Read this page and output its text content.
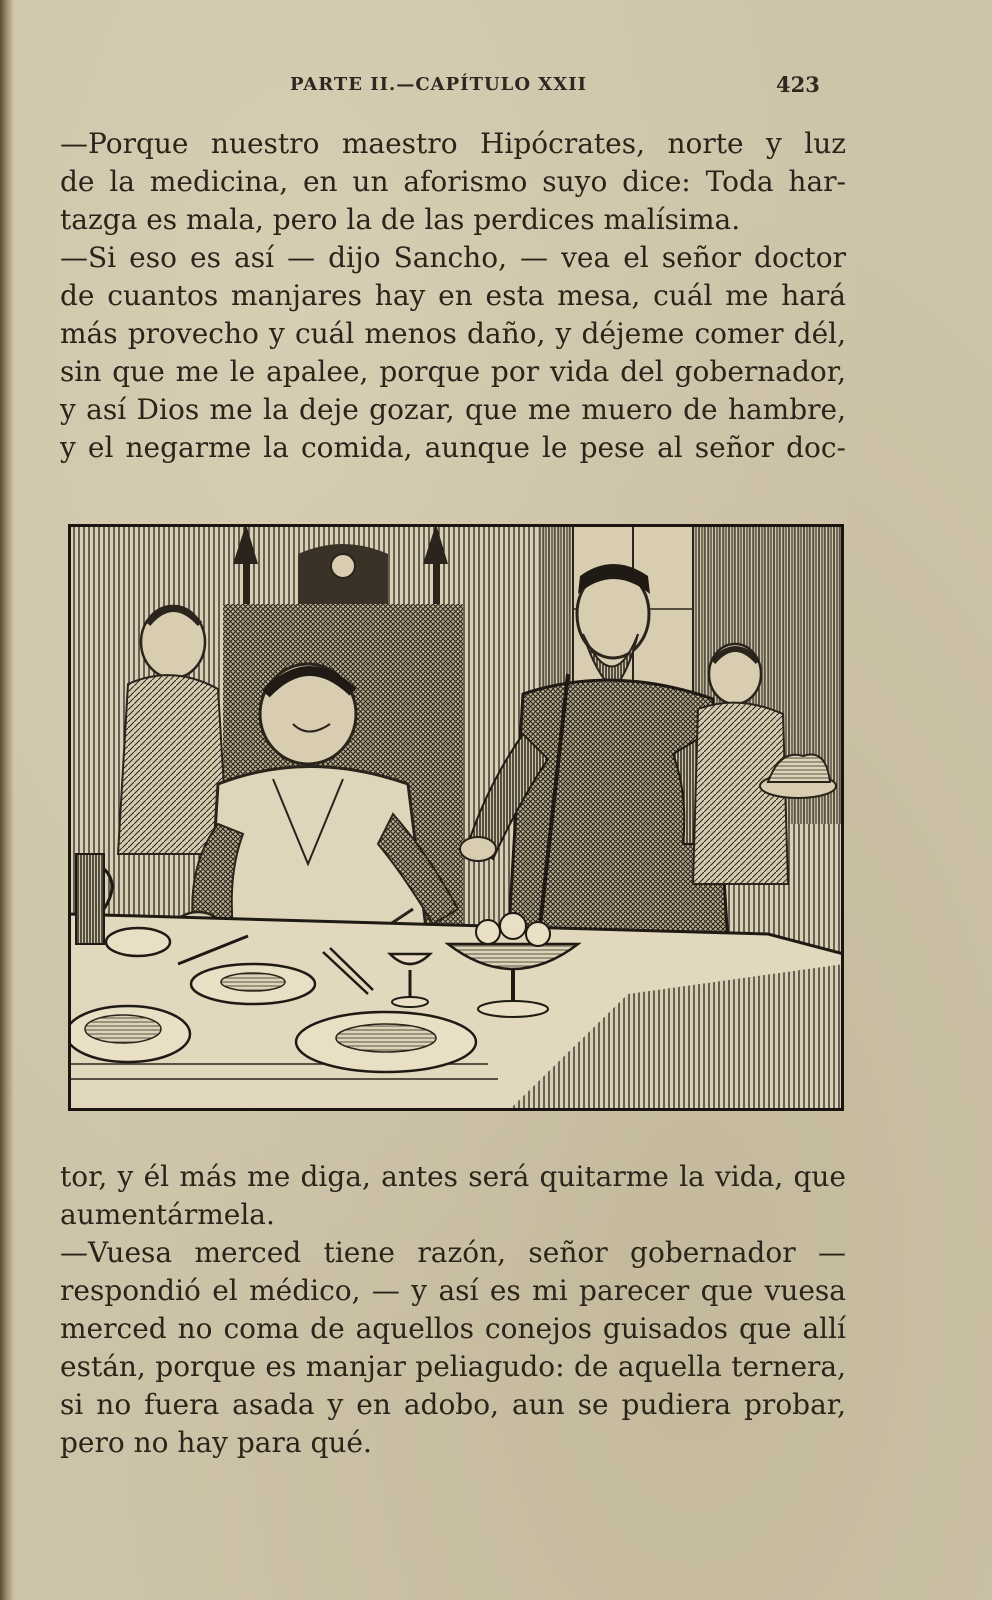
PARTE II.—CAPÍTULO XXII	423
—Porque nuestro maestro Hipócrates, norte y luz
de la medicina, en un aforismo suyo dice: Toda har-
tazga es mala, pero la de las perdices malísima.
—Si eso es así — dijo Sancho, — vea el señor doctor
de cuantos manjares hay en esta mesa, cuál me hará
más provecho y cuál menos daño, y déjeme comer dél,
sin que me le apalee, porque por vida del gobernador,
y así Dios me la deje gozar, que me muero de hambre,
y el negarme la comida, aunque le pese al señor doc-
tor, y él más me diga, antes será quitarme la vida, que
aumentármela.
—Vuesa merced tiene razón, señor gobernador —
respondió el médico, — y así es mi parecer que vuesa
merced no coma de aquellos conejos guisados que allí
están, porque es manjar peliagudo: de aquella ternera,
si no fuera asada y en adobo, aun se pudiera probar,
pero no hay para qué.
